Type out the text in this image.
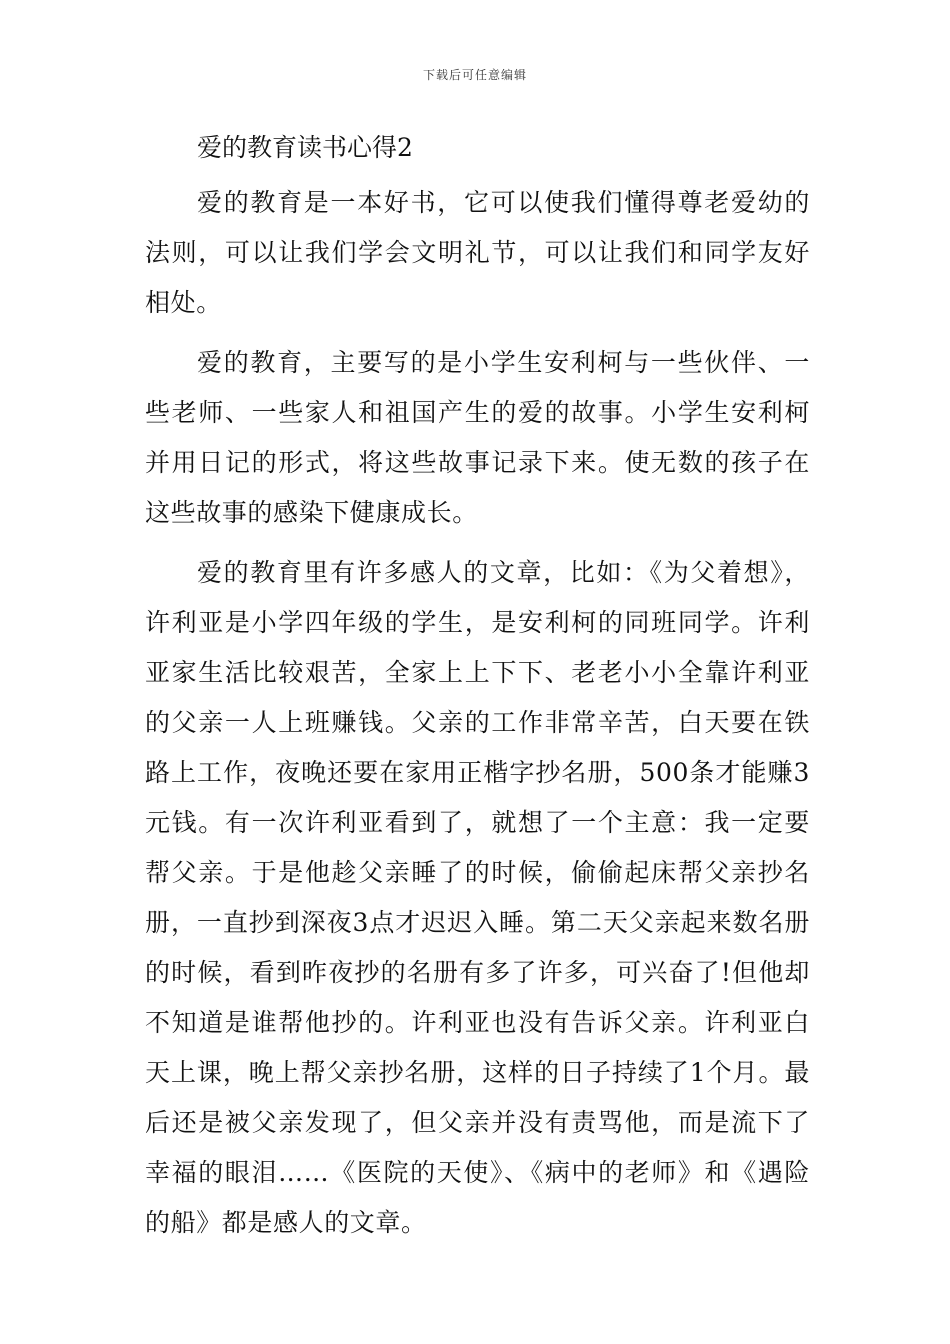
下载后可任意编辑
爱的教育读书心得2

爱的教育是一本好书，它可以使我们懂得尊老爱幼的法则，可以让我们学会文明礼节，可以让我们和同学友好相处。

爱的教育，主要写的是小学生安利柯与一些伙伴、一些老师、一些家人和祖国产生的爱的故事。小学生安利柯并用日记的形式，将这些故事记录下来。使无数的孩子在这些故事的感染下健康成长。

爱的教育里有许多感人的文章，比如：《为父着想》，许利亚是小学四年级的学生，是安利柯的同班同学。许利亚家生活比较艰苦，全家上上下下、老老小小全靠许利亚的父亲一人上班赚钱。父亲的工作非常辛苦，白天要在铁路上工作，夜晚还要在家用正楷字抄名册，500条才能赚3元钱。有一次许利亚看到了，就想了一个主意：我一定要帮父亲。于是他趁父亲睡了的时候，偷偷起床帮父亲抄名册，一直抄到深夜3点才迟迟入睡。第二天父亲起来数名册的时候，看到昨夜抄的名册有多了许多，可兴奋了!但他却不知道是谁帮他抄的。许利亚也没有告诉父亲。许利亚白天上课，晚上帮父亲抄名册，这样的日子持续了1个月。最后还是被父亲发现了，但父亲并没有责骂他，而是流下了幸福的眼泪……《医院的天使》、《病中的老师》和《遇险的船》都是感人的文章。
